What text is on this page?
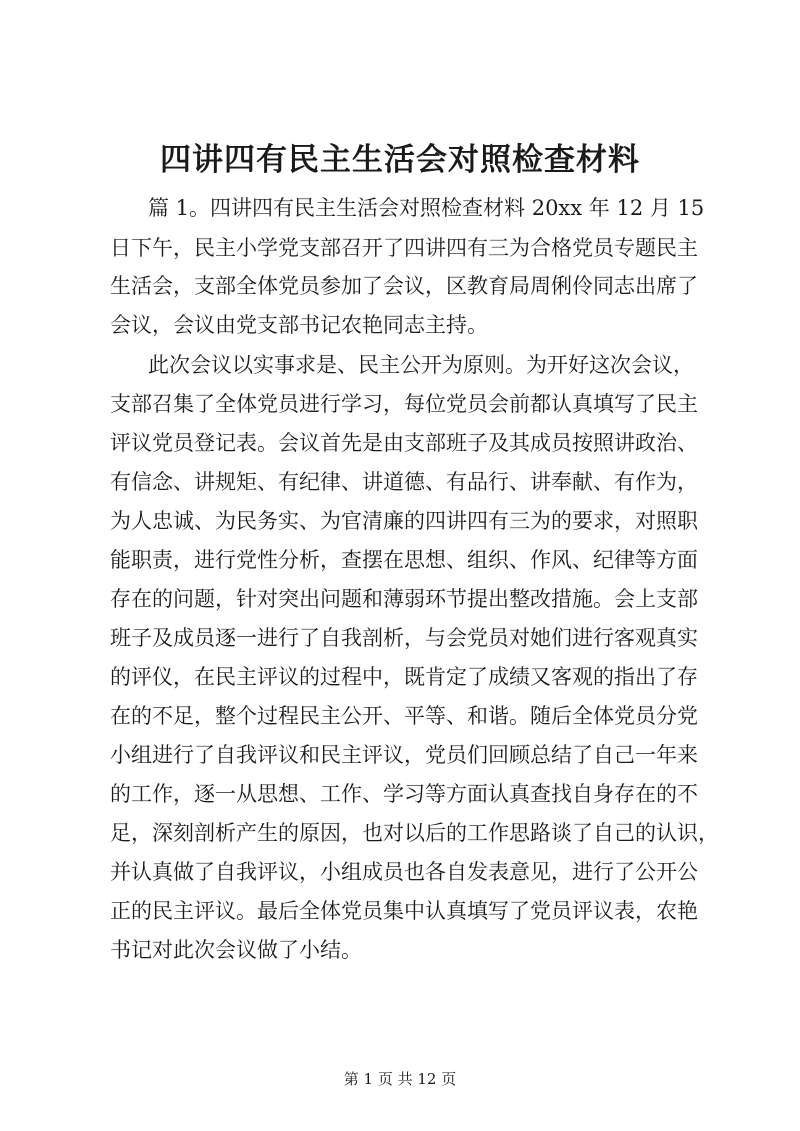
四讲四有民主生活会对照检查材料

篇 1。四讲四有民主生活会对照检查材料 20xx 年 12 月 15

日下午，民主小学党支部召开了四讲四有三为合格党员专题民主

生活会，支部全体党员参加了会议，区教育局周俐伶同志出席了

会议，会议由党支部书记农艳同志主持。

此次会议以实事求是、民主公开为原则。为开好这次会议，

支部召集了全体党员进行学习，每位党员会前都认真填写了民主

评议党员登记表。会议首先是由支部班子及其成员按照讲政治、

有信念、讲规矩、有纪律、讲道德、有品行、讲奉献、有作为，

为人忠诚、为民务实、为官清廉的四讲四有三为的要求，对照职

能职责，进行党性分析，查摆在思想、组织、作风、纪律等方面

存在的问题，针对突出问题和薄弱环节提出整改措施。会上支部

班子及成员逐一进行了自我剖析，与会党员对她们进行客观真实

的评仪，在民主评议的过程中，既肯定了成绩又客观的指出了存

在的不足，整个过程民主公开、平等、和谐。随后全体党员分党

小组进行了自我评议和民主评议，党员们回顾总结了自己一年来

的工作，逐一从思想、工作、学习等方面认真查找自身存在的不

足，深刻剖析产生的原因，也对以后的工作思路谈了自己的认识，

并认真做了自我评议，小组成员也各自发表意见，进行了公开公

正的民主评议。最后全体党员集中认真填写了党员评议表，农艳

书记对此次会议做了小结。

第 1 页 共 12 页
